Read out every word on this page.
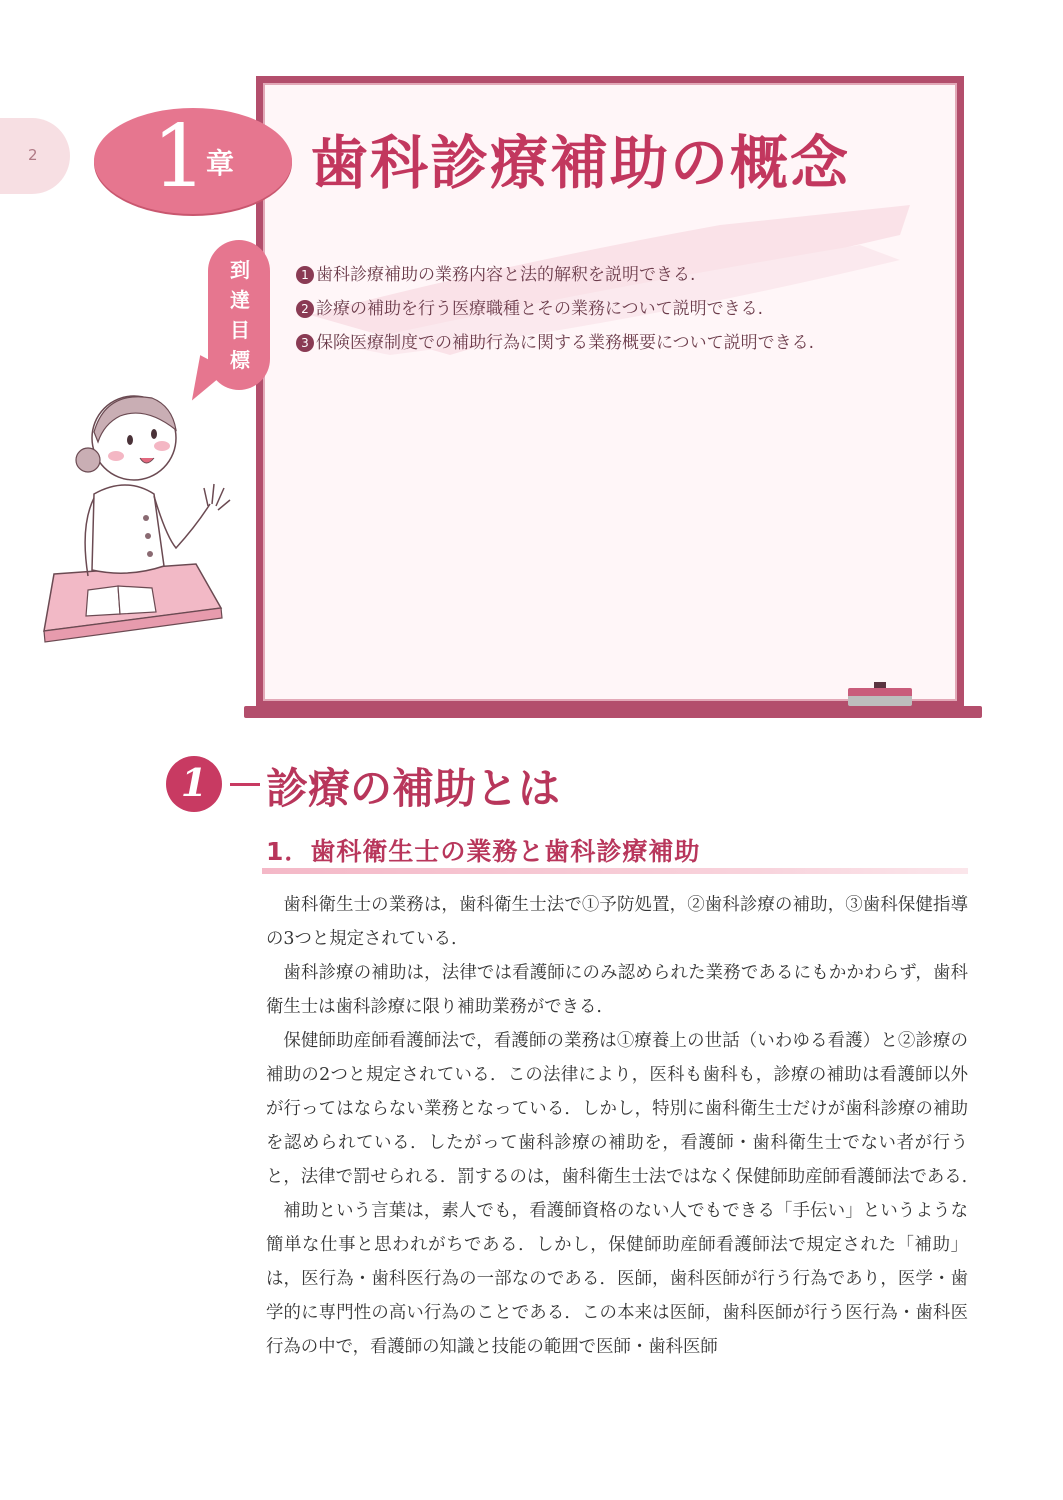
2 1 章 歯科診療補助の概念
到達目標
1 歯科診療補助の業務内容と法的解釈を説明できる.
2 診療の補助を行う医療職種とその業務について説明できる.
3 保険医療制度での補助行為に関する業務概要について説明できる.
1	診療の補助とは
1．歯科衛生士の業務と歯科診療補助

歯科衛生士の業務は，歯科衛生士法で①予防処置，②歯科診療の補助，③歯科保健指導の3つと規定されている.

歯科診療の補助は，法律では看護師にのみ認められた業務であるにもかかわらず，歯科衛生士は歯科診療に限り補助業務ができる.

保健師助産師看護師法で，看護師の業務は①療養上の世話（いわゆる看護）と②診療の補助の2つと規定されている．この法律により，医科も歯科も，診療の補助は看護師以外が行ってはならない業務となっている．しかし，特別に歯科衛生士だけが歯科診療の補助を認められている．したがって歯科診療の補助を，看護師・歯科衛生士でない者が行うと，法律で罰せられる．罰するのは，歯科衛生士法ではなく保健師助産師看護師法である.

補助という言葉は，素人でも，看護師資格のない人でもできる「手伝い」というような簡単な仕事と思われがちである．しかし，保健師助産師看護師法で規定された「補助」は，医行為・歯科医行為の一部なのである．医師，歯科医師が行う行為であり，医学・歯学的に専門性の高い行為のことである．この本来は医師，歯科医師が行う医行為・歯科医行為の中で，看護師の知識と技能の範囲で医師・歯科医師
